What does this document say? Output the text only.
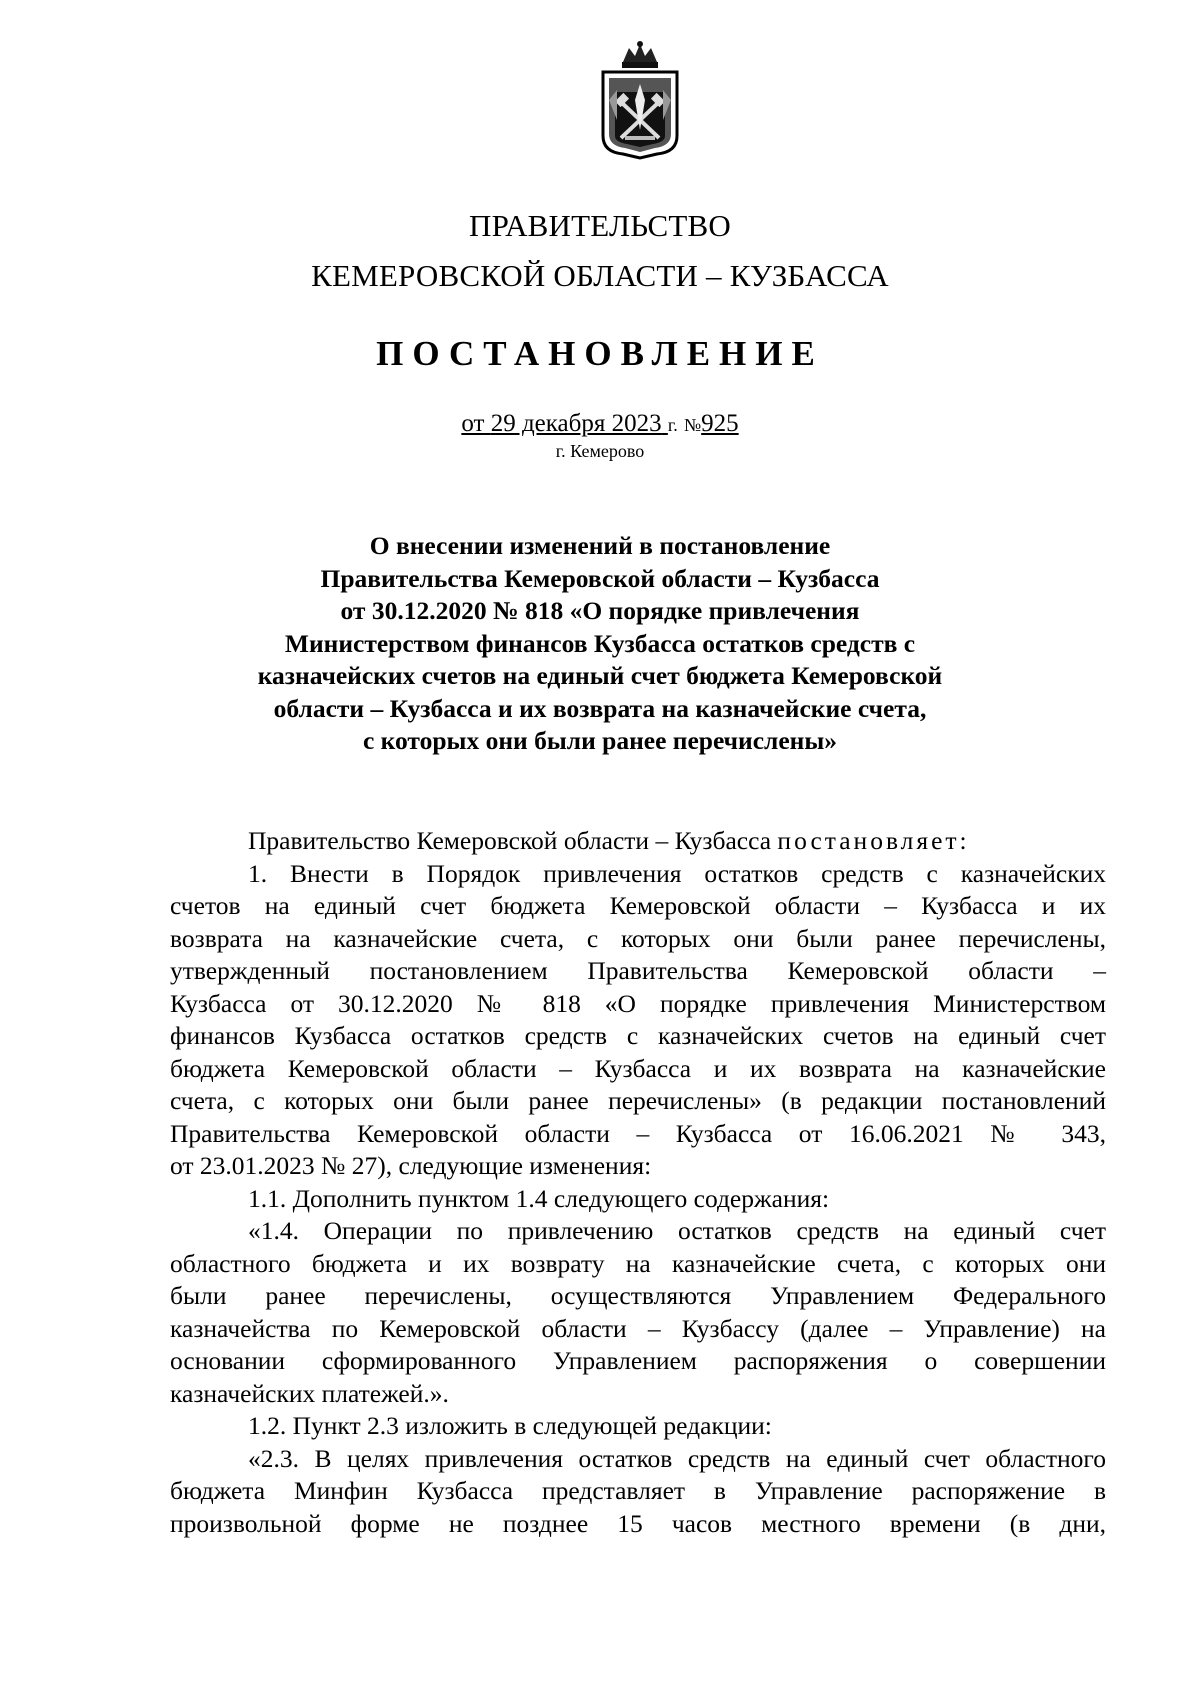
ПРАВИТЕЛЬСТВО
КЕМЕРОВСКОЙ ОБЛАСТИ – КУЗБАССА
ПОСТАНОВЛЕНИЕ
от 29 декабря 2023 г. №925
г. Кемерово
О внесении изменений в постановление
Правительства Кемеровской области – Кузбасса
от 30.12.2020 № 818 «О порядке привлечения
Министерством финансов Кузбасса остатков средств с
казначейских счетов на единый счет бюджета Кемеровской
области – Кузбасса и их возврата на казначейские счета,
с которых они были ранее перечислены»
Правительство Кемеровской области – Кузбасса постановляет:
1. Внести в Порядок привлечения остатков средств с казначейских
счетов на единый счет бюджета Кемеровской области – Кузбасса и их
возврата на казначейские счета, с которых они были ранее перечислены,
утвержденный постановлением Правительства Кемеровской области –
Кузбасса от 30.12.2020 № 818 «О порядке привлечения Министерством
финансов Кузбасса остатков средств с казначейских счетов на единый счет
бюджета Кемеровской области – Кузбасса и их возврата на казначейские
счета, с которых они были ранее перечислены» (в редакции постановлений
Правительства Кемеровской области – Кузбасса от 16.06.2021 № 343,
от 23.01.2023 № 27), следующие изменения:
1.1. Дополнить пунктом 1.4 следующего содержания:
«1.4. Операции по привлечению остатков средств на единый счет
областного бюджета и их возврату на казначейские счета, с которых они
были ранее перечислены, осуществляются Управлением Федерального
казначейства по Кемеровской области – Кузбассу (далее – Управление) на
основании сформированного Управлением распоряжения о совершении
казначейских платежей.».
1.2. Пункт 2.3 изложить в следующей редакции:
«2.3. В целях привлечения остатков средств на единый счет областного
бюджета Минфин Кузбасса представляет в Управление распоряжение в
произвольной форме не позднее 15 часов местного времени (в дни,
